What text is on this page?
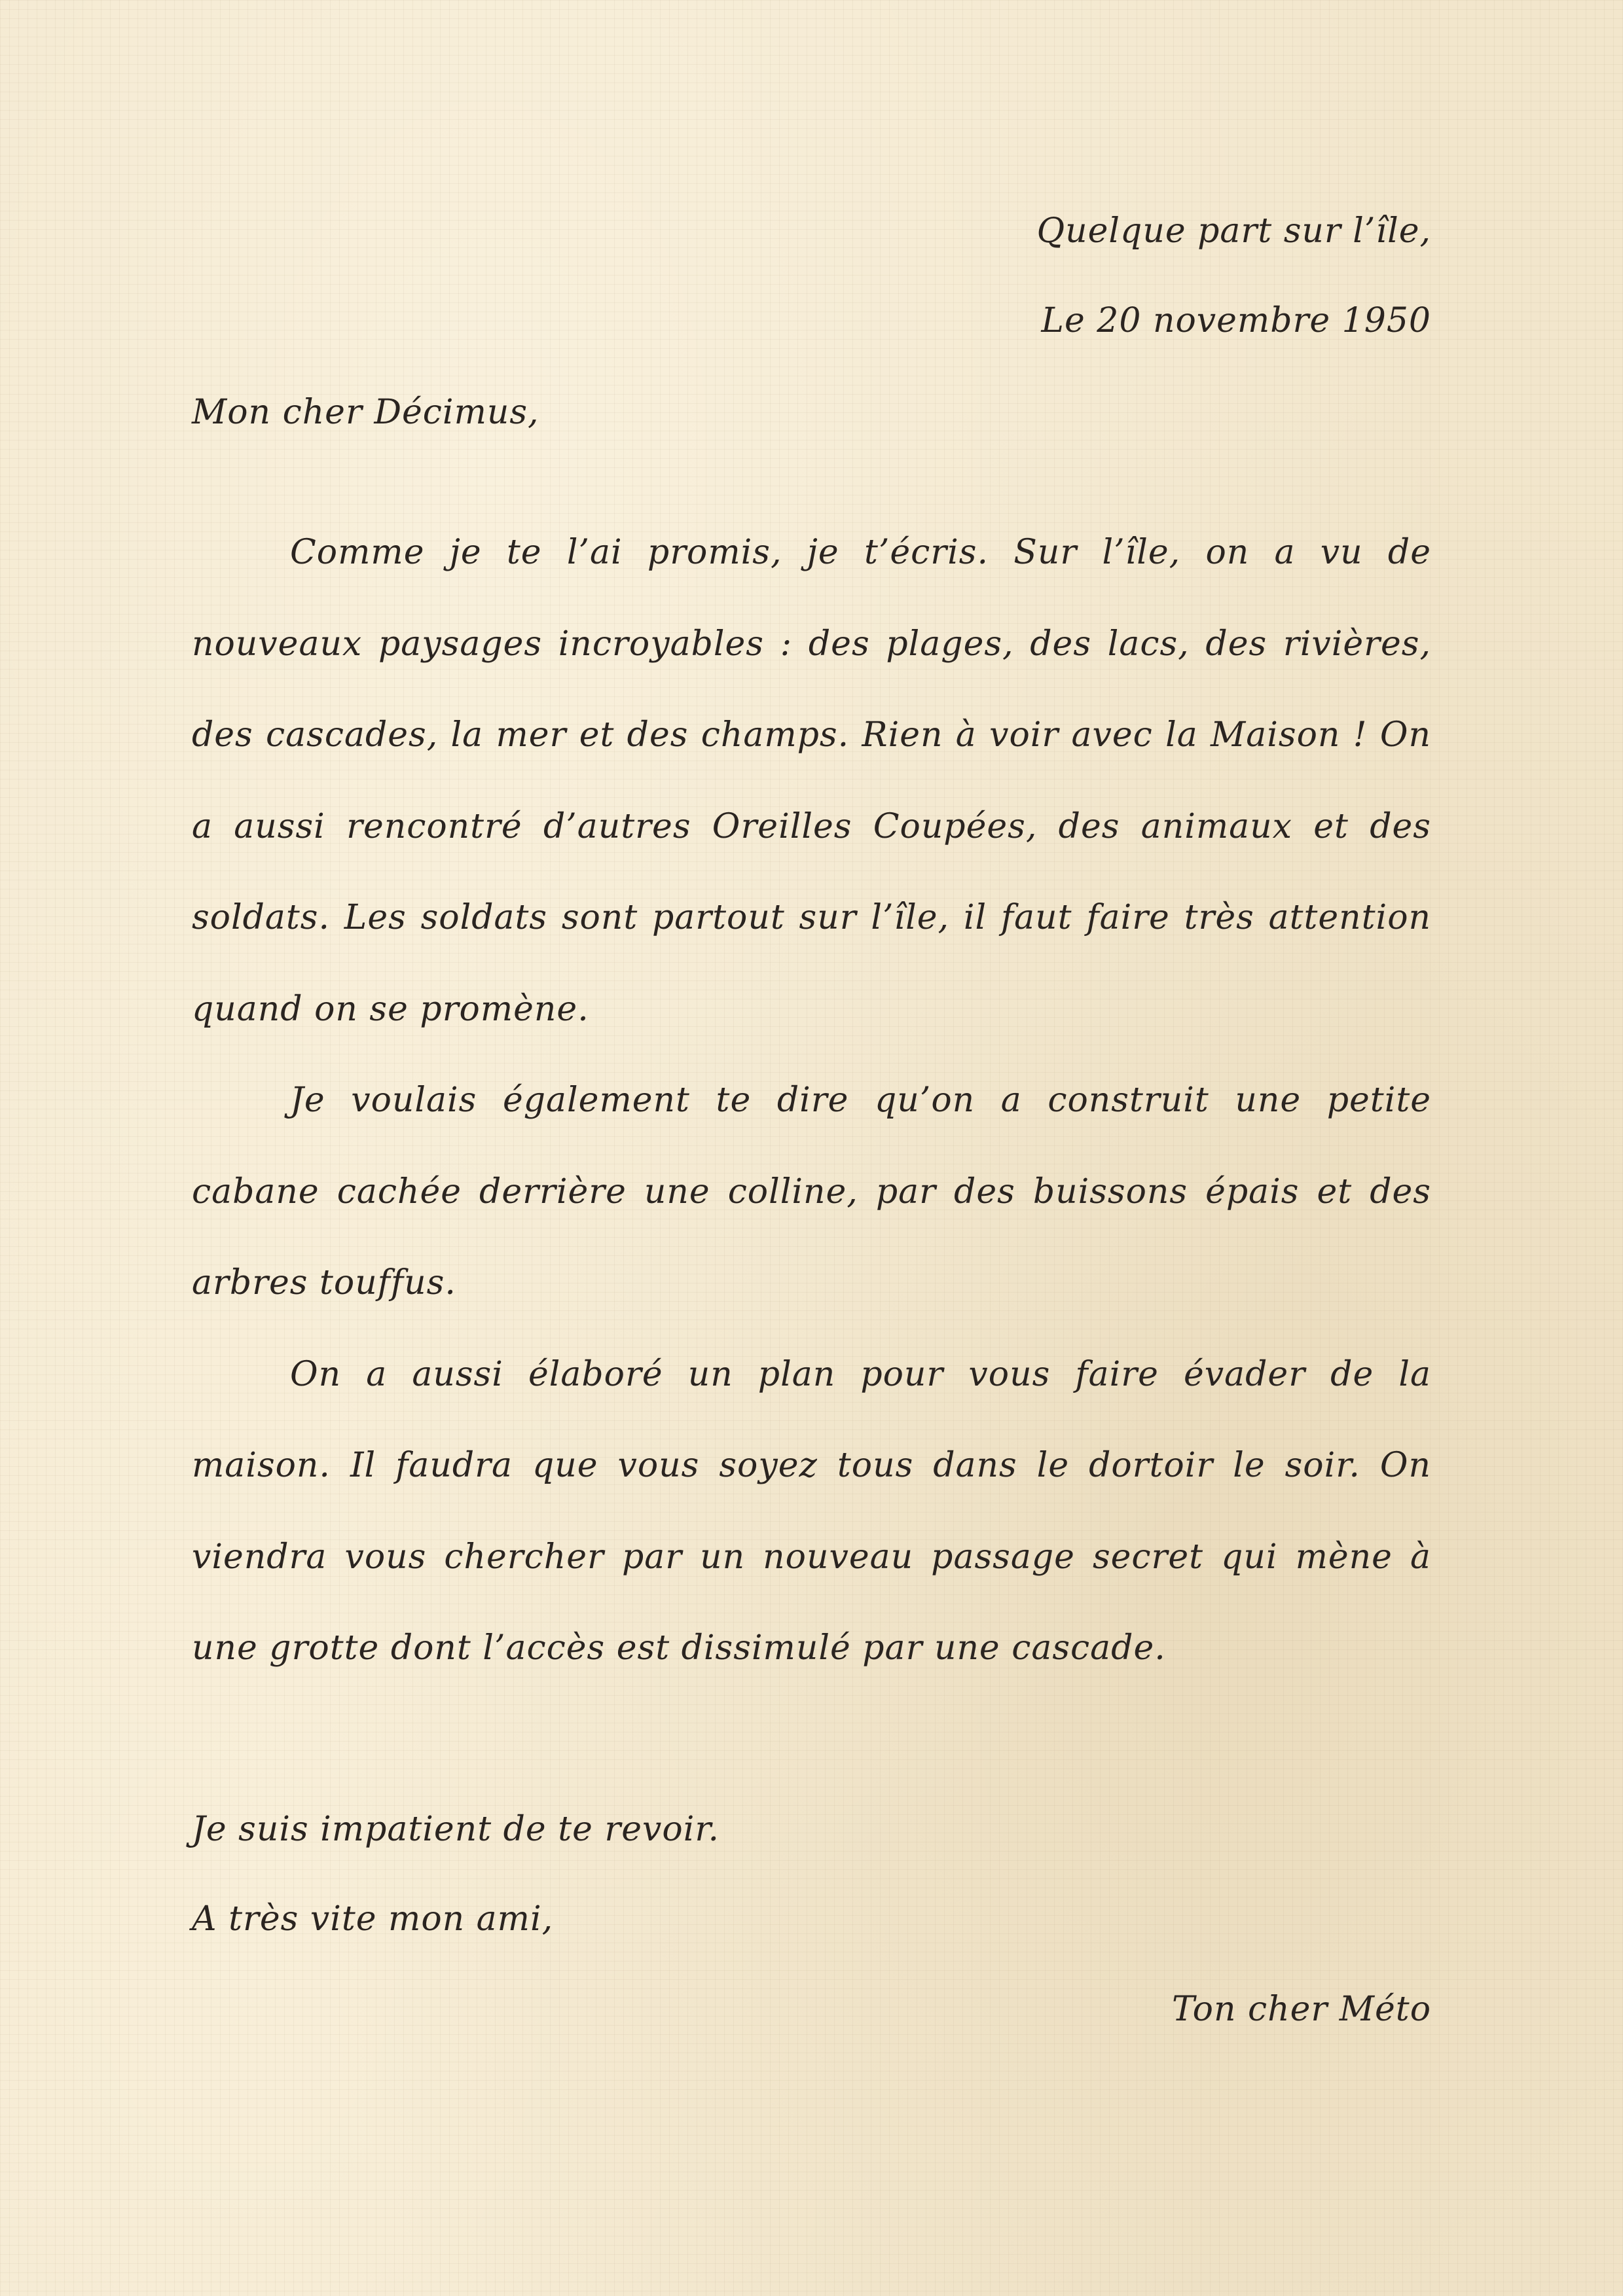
Quelque part sur l’île,

Le 20 novembre 1950

Mon cher Décimus,

Comme je te l’ai promis, je t’écris. Sur l’île, on a vu de nouveaux paysages incroyables : des plages, des lacs, des rivières, des cascades, la mer et des champs. Rien à voir avec la Maison ! On a aussi rencontré d’autres Oreilles Coupées, des animaux et des soldats. Les soldats sont partout sur l’île, il faut faire très attention quand on se promène.

Je voulais également te dire qu’on a construit une petite cabane cachée derrière une colline, par des buissons épais et des arbres touffus.

On a aussi élaboré un plan pour vous faire évader de la maison. Il faudra que vous soyez tous dans le dortoir le soir. On viendra vous chercher par un nouveau passage secret qui mène à une grotte dont l’accès est dissimulé par une cascade.

Je suis impatient de te revoir.

A très vite mon ami,

Ton cher Méto
